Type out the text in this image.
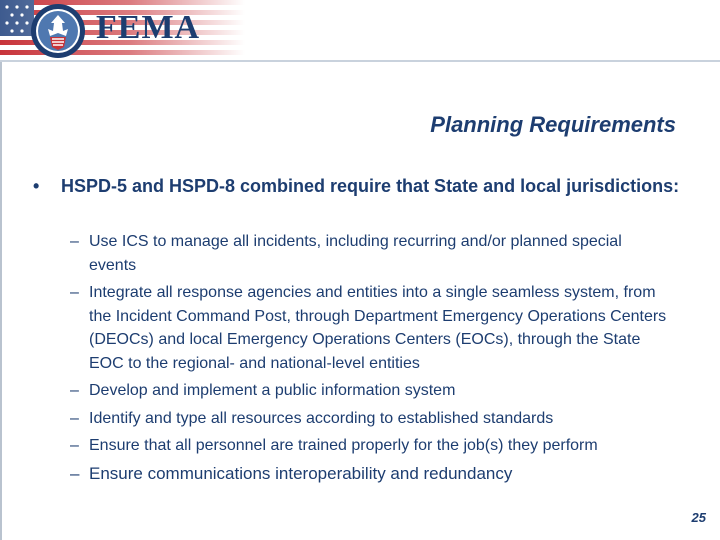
FEMA
Planning Requirements
•	HSPD-5 and HSPD-8 combined require that State and local jurisdictions:
– Use ICS to manage all incidents, including recurring and/or planned special events
– Integrate all response agencies and entities into a single seamless system, from the Incident Command Post, through Department Emergency Operations Centers (DEOCs) and local Emergency Operations Centers (EOCs), through the State EOC to the regional- and national-level entities
– Develop and implement a public information system
– Identify and type all resources according to established standards
– Ensure that all personnel are trained properly for the job(s) they perform
– Ensure communications interoperability and redundancy
25
